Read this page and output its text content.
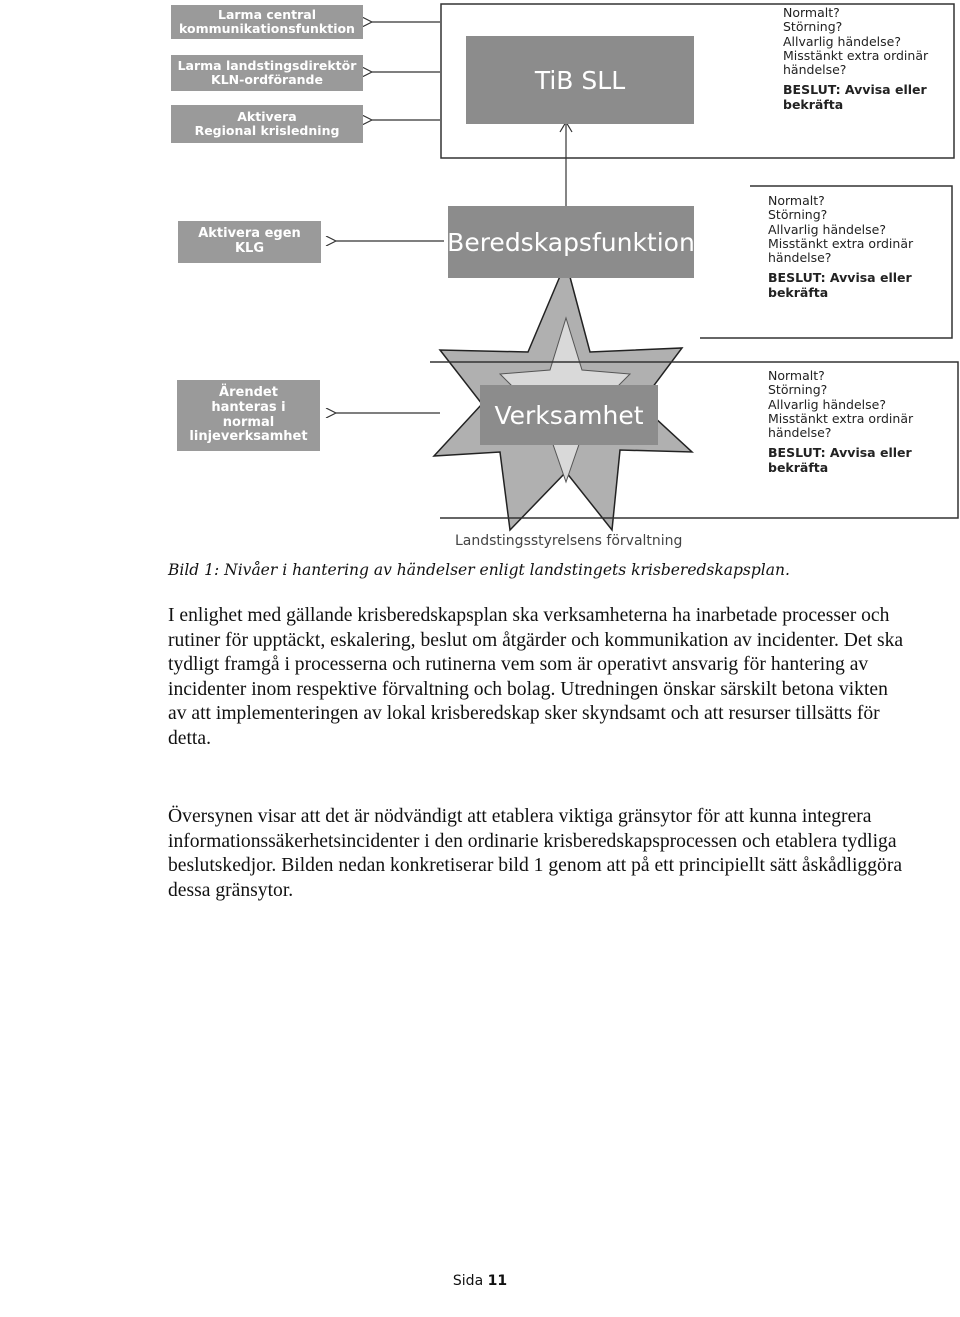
Larma central
kommunikationsfunktion
Larma landstingsdirektör
KLN-ordförande
Aktivera
Regional krisledning
Aktivera egen
KLG
Ärendet
hanteras i
normal
linjeverksamhet
TiB SLL
Beredskapsfunktion
Verksamhet
Normalt?
Störning?
Allvarlig händelse?
Misstänkt extra ordinär händelse?
BESLUT: Avvisa eller bekräfta
Normalt?
Störning?
Allvarlig händelse?
Misstänkt extra ordinär händelse?
BESLUT: Avvisa eller bekräfta
Normalt?
Störning?
Allvarlig händelse?
Misstänkt extra ordinär händelse?
BESLUT: Avvisa eller bekräfta
Landstingsstyrelsens förvaltning
Bild 1: Nivåer i hantering av händelser enligt landstingets krisberedskapsplan.

I enlighet med gällande krisberedskapsplan ska verksamheterna ha inarbetade processer och rutiner för upptäckt, eskalering, beslut om åtgärder och kommunikation av incidenter. Det ska tydligt framgå i processerna och rutinerna vem som är operativt ansvarig för hantering av incidenter inom respektive förvaltning och bolag. Utredningen önskar särskilt betona vikten av att implementeringen av lokal krisberedskap sker skyndsamt och att resurser tillsätts för detta.

Översynen visar att det är nödvändigt att etablera viktiga gränsytor för att kunna integrera informationssäkerhetsincidenter i den ordinarie krisberedskapsprocessen och etablera tydliga beslutskedjor. Bilden nedan konkretiserar bild 1 genom att på ett principiellt sätt åskådliggöra dessa gränsytor.

Sida 11
